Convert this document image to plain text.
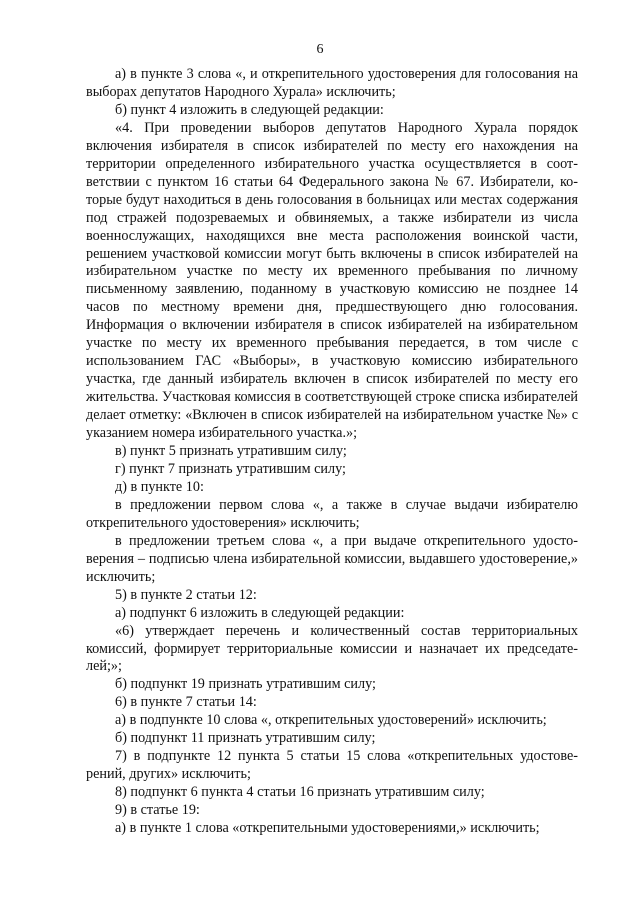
6

а) в пункте 3 слова «, и открепительного удостоверения для голосования на выборах депутатов Народного Хурала» исключить;

б) пункт 4 изложить в следующей редакции:

«4. При проведении выборов депутатов Народного Хурала порядок включения избирателя в список избирателей по месту его нахождения на территории определенного избирательного участка осуществляется в соответствии с пунктом 16 статьи 64 Федерального закона № 67. Избиратели, которые будут находиться в день голосования в больницах или местах содержания под стражей подозреваемых и обвиняемых, а также избиратели из числа военнослужащих, находящихся вне места расположения воинской части, решением участковой комиссии могут быть включены в список избирателей на избирательном участке по месту их временного пребывания по личному письменному заявлению, поданному в участковую комиссию не позднее 14 часов по местному времени дня, предшествующего дню голосования. Информация о включении избирателя в список избирателей на избирательном участке по месту их временного пребывания передается, в том числе с использованием ГАС «Выборы», в участковую комиссию избирательного участка, где данный избиратель включен в список избирателей по месту его жительства. Участковая комиссия в соответствующей строке списка избирателей делает отметку: «Включен в список избирателей на избирательном участке №» с указанием номера избирательного участка.»;

в) пункт 5 признать утратившим силу;

г) пункт 7 признать утратившим силу;

д) в пункте 10:

в предложении первом слова «, а также в случае выдачи избирателю открепительного удостоверения» исключить;

в предложении третьем слова «, а при выдаче открепительного удостоверения – подписью члена избирательной комиссии, выдавшего удостоверение,» исключить;

5) в пункте 2 статьи 12:

а) подпункт 6 изложить в следующей редакции:

«6) утверждает перечень и количественный состав территориальных комиссий, формирует территориальные комиссии и назначает их председателей;»;

б) подпункт 19 признать утратившим силу;

6) в пункте 7 статьи 14:

а) в подпункте 10 слова «, открепительных удостоверений» исключить;

б) подпункт 11 признать утратившим силу;

7) в подпункте 12 пункта 5 статьи 15 слова «открепительных удостоверений, других» исключить;

8) подпункт 6 пункта 4 статьи 16 признать утратившим силу;

9) в статье 19:

а) в пункте 1 слова «открепительными удостоверениями,» исключить;
